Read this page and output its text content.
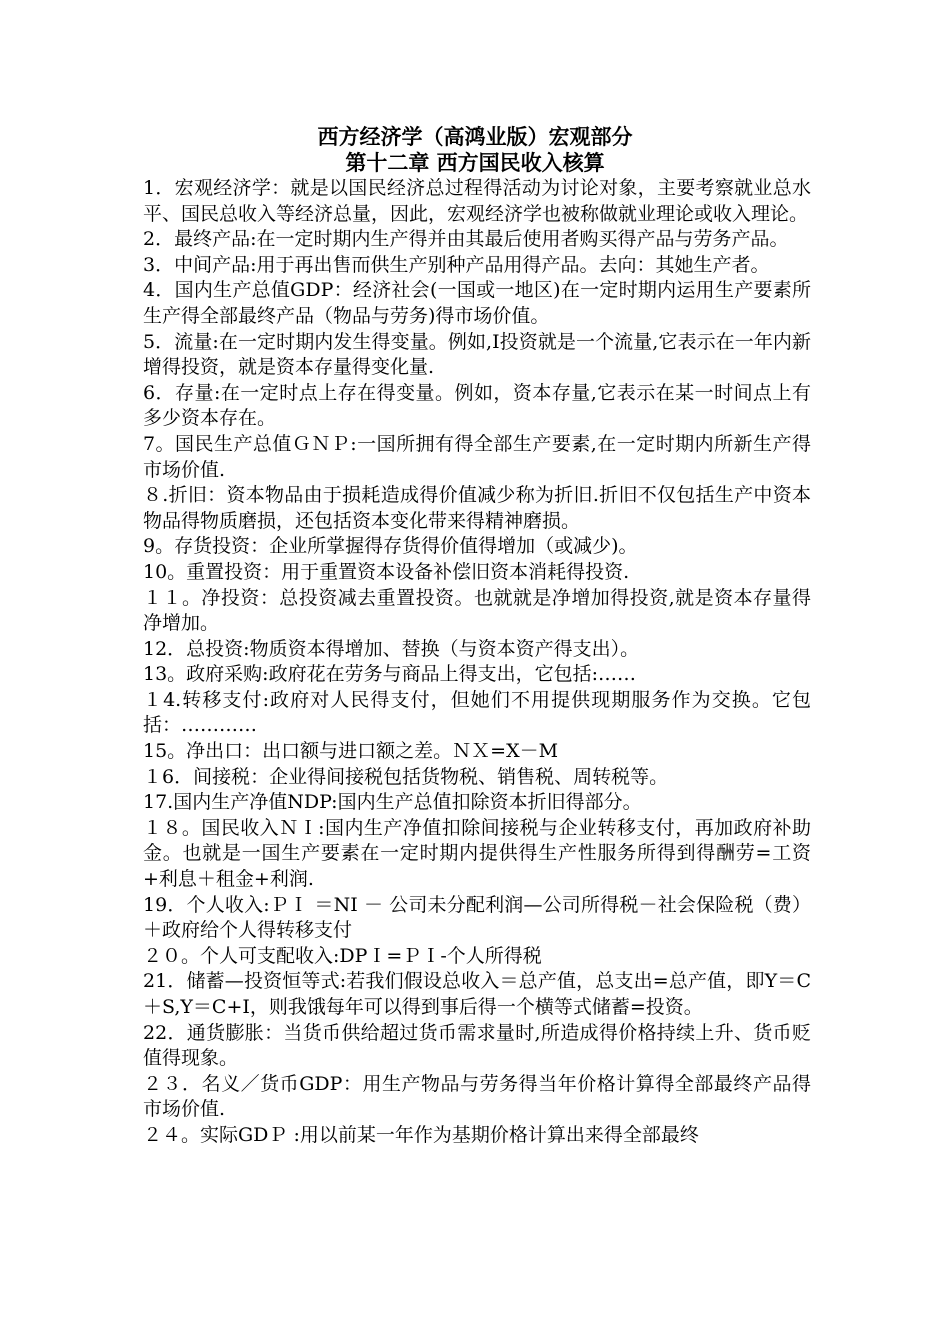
西方经济学（高鸿业版）宏观部分
第十二章 西方国民收入核算

1．宏观经济学：就是以国民经济总过程得活动为讨论对象，主要考察就业总水平、国民总收入等经济总量，因此，宏观经济学也被称做就业理论或收入理论。

2．最终产品:在一定时期内生产得并由其最后使用者购买得产品与劳务产品。

3．中间产品:用于再出售而供生产别种产品用得产品。去向：其她生产者。

4．国内生产总值GDP：经济社会(一国或一地区)在一定时期内运用生产要素所生产得全部最终产品（物品与劳务)得市场价值。

5．流量:在一定时期内发生得变量。例如,I投资就是一个流量,它表示在一年内新增得投资，就是资本存量得变化量.

6．存量:在一定时点上存在得变量。例如，资本存量,它表示在某一时间点上有多少资本存在。

7。国民生产总值ＧＮＰ:一国所拥有得全部生产要素,在一定时期内所新生产得市场价值.

８.折旧：资本物品由于损耗造成得价值减少称为折旧.折旧不仅包括生产中资本物品得物质磨损，还包括资本变化带来得精神磨损。

9。存货投资：企业所掌握得存货得价值得增加（或减少)。

10。重置投资：用于重置资本设备补偿旧资本消耗得投资.

１１。净投资：总投资减去重置投资。也就就是净增加得投资,就是资本存量得净增加。

12．总投资:物质资本得增加、替换（与资本资产得支出）。

13。政府采购:政府花在劳务与商品上得支出，它包括:……

１4.转移支付:政府对人民得支付，但她们不用提供现期服务作为交换。它包括：…………

15。净出口：出口额与进口额之差。ＮＸ=X－M

１6．间接税：企业得间接税包括货物税、销售税、周转税等。

17.国内生产净值NDP:国内生产总值扣除资本折旧得部分。

１８。国民收入ＮＩ:国内生产净值扣除间接税与企业转移支付，再加政府补助金。也就是一国生产要素在一定时期内提供得生产性服务所得到得酬劳=工资+利息＋租金+利润.

19．个人收入:ＰＩ ＝NI － 公司未分配利润—公司所得税－社会保险税（费）＋政府给个人得转移支付

２０。个人可支配收入:DPＩ=ＰＩ-个人所得税

21．储蓄—投资恒等式:若我们假设总收入＝总产值，总支出=总产值，即Y＝C＋S,Y＝C+I，则我饿每年可以得到事后得一个横等式储蓄=投资。

22．通货膨胀：当货币供给超过货币需求量时,所造成得价格持续上升、货币贬值得现象。

２３．名义／货币GDP：用生产物品与劳务得当年价格计算得全部最终产品得市场价值.

２４。实际GDＰ :用以前某一年作为基期价格计算出来得全部最终
